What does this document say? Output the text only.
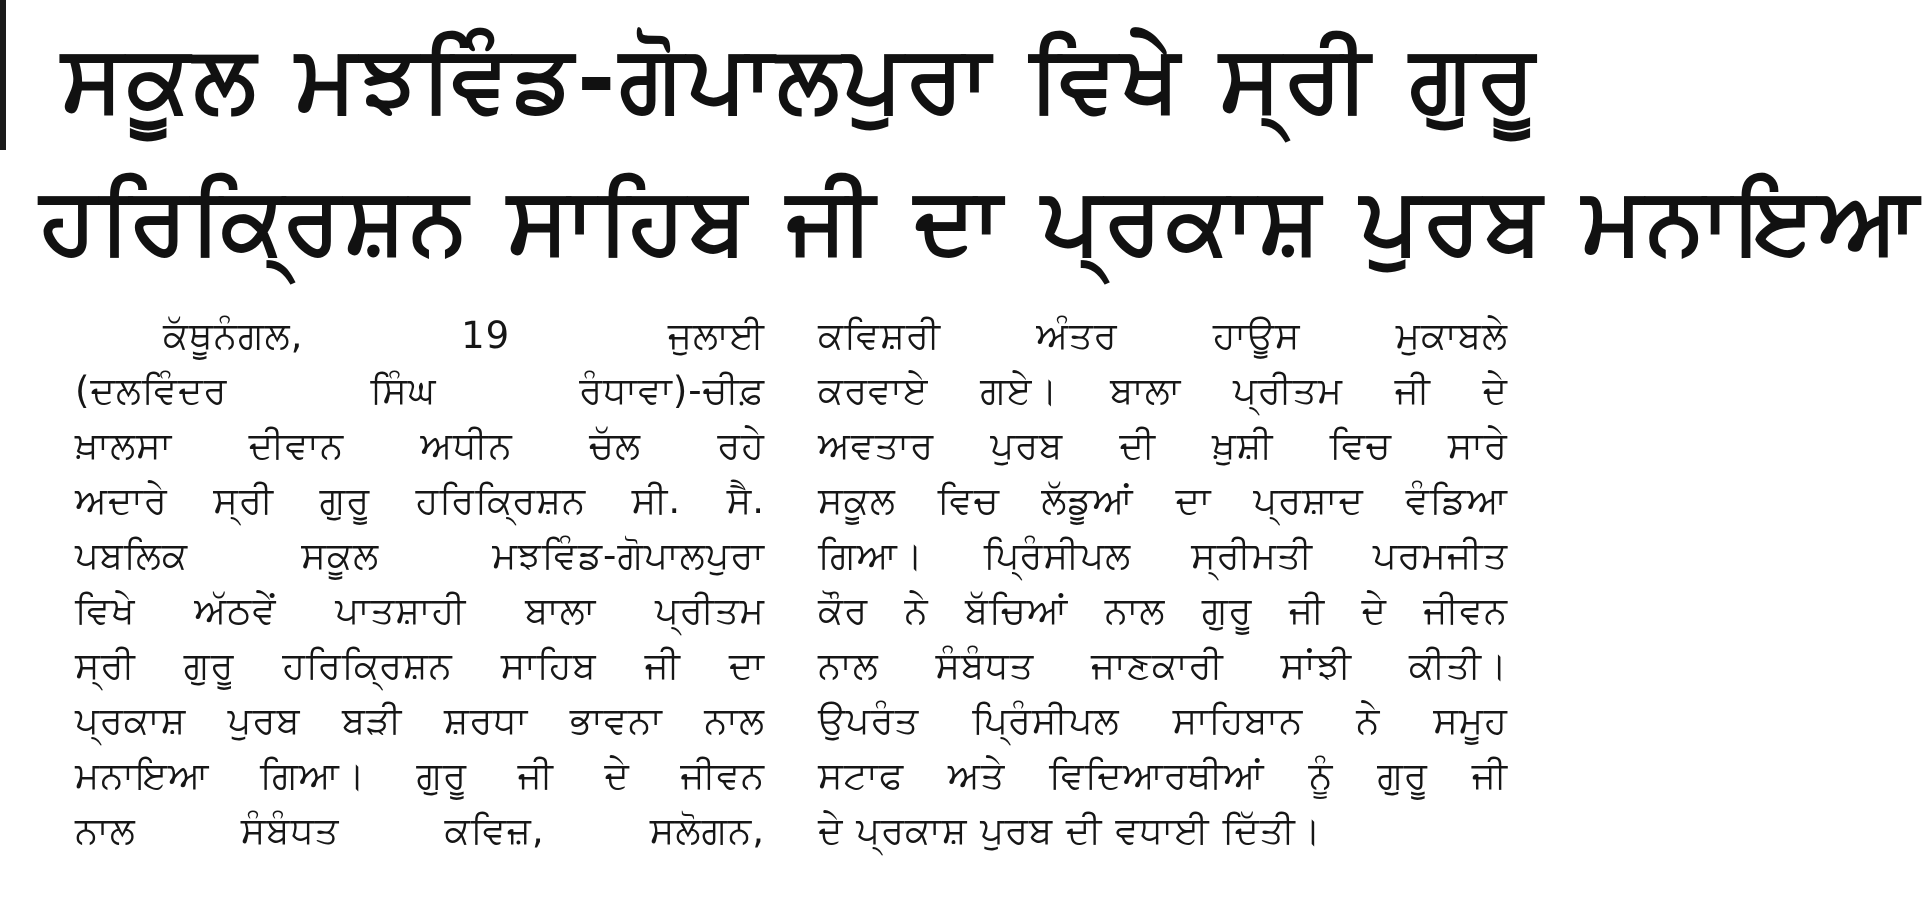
ਸਕੂਲ ਮਝਵਿੰਡ-ਗੋਪਾਲਪੁਰਾ ਵਿਖੇ ਸ੍ਰੀ ਗੁਰੂ
ਹਰਿਕ੍ਰਿਸ਼ਨ ਸਾਹਿਬ ਜੀ ਦਾ ਪ੍ਰਕਾਸ਼ ਪੁਰਬ ਮਨਾਇਆ
ਕੱਥੂਨੰਗਲ, 19 ਜੁਲਾਈ
(ਦਲਵਿੰਦਰ ਸਿੰਘ ਰੰਧਾਵਾ)-ਚੀਫ਼
ਖ਼ਾਲਸਾ ਦੀਵਾਨ ਅਧੀਨ ਚੱਲ ਰਹੇ
ਅਦਾਰੇ ਸ੍ਰੀ ਗੁਰੂ ਹਰਿਕ੍ਰਿਸ਼ਨ ਸੀ. ਸੈ.
ਪਬਲਿਕ ਸਕੂਲ ਮਝਵਿੰਡ-ਗੋਪਾਲਪੁਰਾ
ਵਿਖੇ ਅੱਠਵੇਂ ਪਾਤਸ਼ਾਹੀ ਬਾਲਾ ਪ੍ਰੀਤਮ
ਸ੍ਰੀ ਗੁਰੂ ਹਰਿਕ੍ਰਿਸ਼ਨ ਸਾਹਿਬ ਜੀ ਦਾ
ਪ੍ਰਕਾਸ਼ ਪੁਰਬ ਬੜੀ ਸ਼ਰਧਾ ਭਾਵਨਾ ਨਾਲ
ਮਨਾਇਆ ਗਿਆ। ਗੁਰੂ ਜੀ ਦੇ ਜੀਵਨ
ਨਾਲ ਸੰਬੰਧਤ ਕਵਿਜ਼, ਸਲੋਗਨ,
ਕਵਿਸ਼ਰੀ ਅੰਤਰ ਹਾਊਸ ਮੁਕਾਬਲੇ
ਕਰਵਾਏ ਗਏ। ਬਾਲਾ ਪ੍ਰੀਤਮ ਜੀ ਦੇ
ਅਵਤਾਰ ਪੁਰਬ ਦੀ ਖ਼ੁਸ਼ੀ ਵਿਚ ਸਾਰੇ
ਸਕੂਲ ਵਿਚ ਲੱਡੂਆਂ ਦਾ ਪ੍ਰਸ਼ਾਦ ਵੰਡਿਆ
ਗਿਆ। ਪ੍ਰਿੰਸੀਪਲ ਸ੍ਰੀਮਤੀ ਪਰਮਜੀਤ
ਕੌਰ ਨੇ ਬੱਚਿਆਂ ਨਾਲ ਗੁਰੂ ਜੀ ਦੇ ਜੀਵਨ
ਨਾਲ ਸੰਬੰਧਤ ਜਾਣਕਾਰੀ ਸਾਂਝੀ ਕੀਤੀ।
ਉਪਰੰਤ ਪ੍ਰਿੰਸੀਪਲ ਸਾਹਿਬਾਨ ਨੇ ਸਮੂਹ
ਸਟਾਫ ਅਤੇ ਵਿਦਿਆਰਥੀਆਂ ਨੂੰ ਗੁਰੂ ਜੀ
ਦੇ ਪ੍ਰਕਾਸ਼ ਪੁਰਬ ਦੀ ਵਧਾਈ ਦਿੱਤੀ।
